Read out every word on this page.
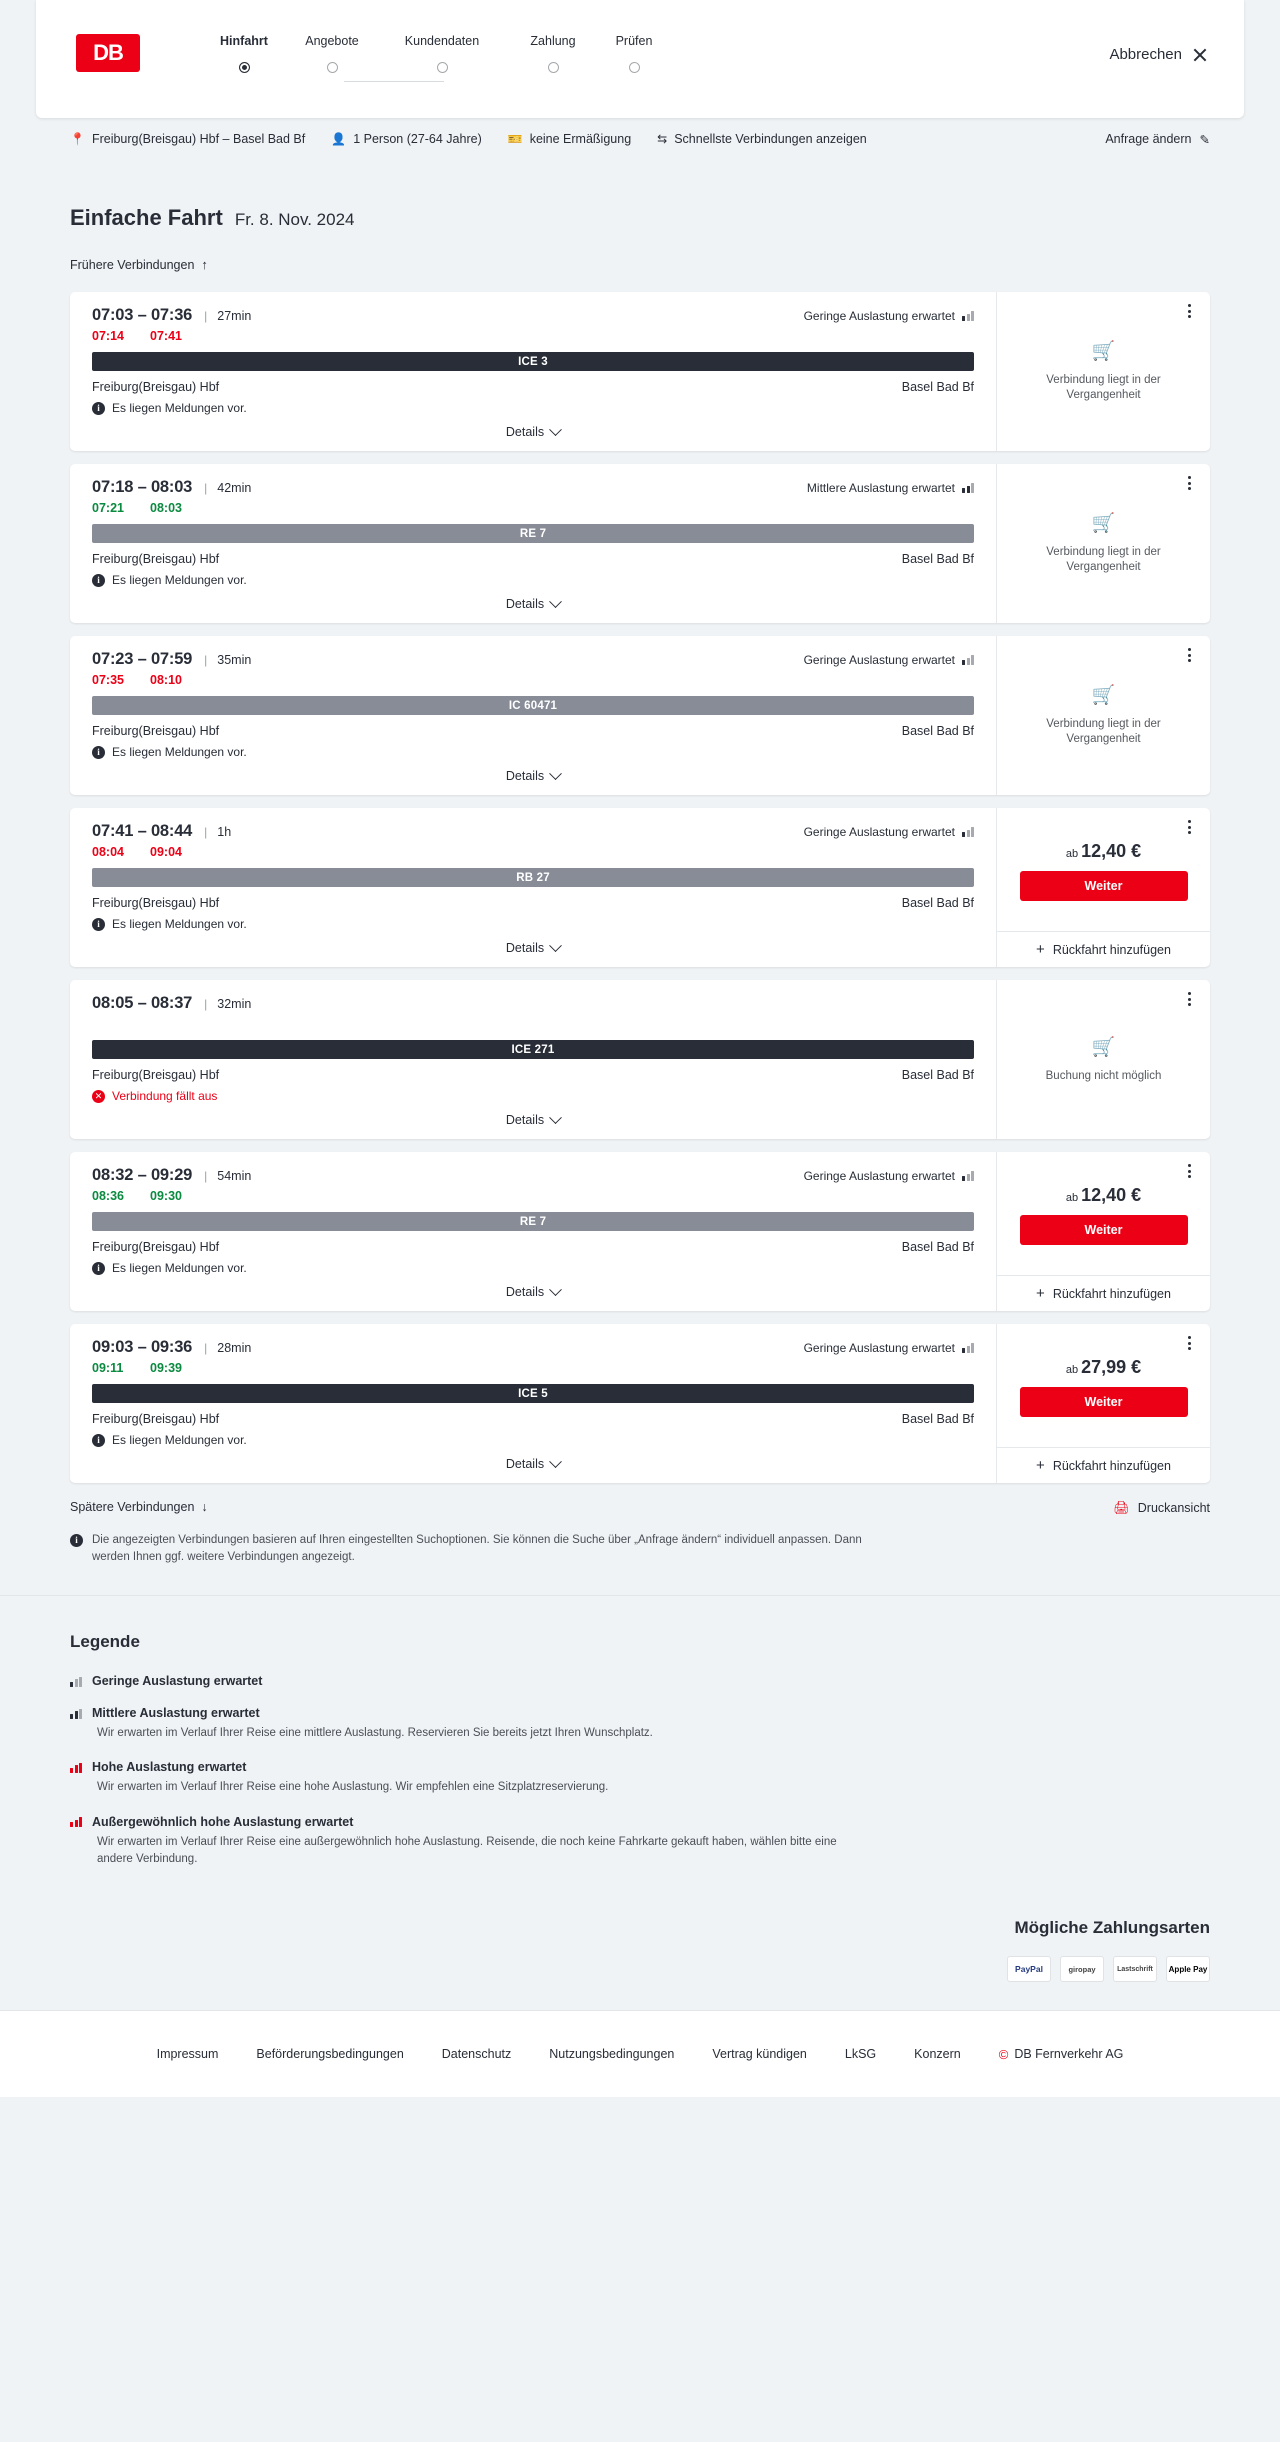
DB	Hinfahrt	Angebote	Kundendaten	Zahlung	Prüfen
Abbrechen
📍 Freiburg(Breisgau) Hbf – Basel Bad Bf 👤 1 Person (27-64 Jahre) 🎫 keine Ermäßigung ⇆ Schnellste Verbindungen anzeigen	Anfrage ändern ✎
Einfache Fahrt Fr. 8. Nov. 2024
Frühere Verbindungen ↑
07:03 – 07:36 | 27min	Geringe Auslastung erwartet
07:14 07:41
ICE 3
Freiburg(Breisgau) Hbf	Basel Bad Bf
i	Es liegen Meldungen vor.
Details
🛒
Verbindung liegt in der Vergangenheit
07:18 – 08:03 | 42min	Mittlere Auslastung erwartet
07:21 08:03
RE 7
Freiburg(Breisgau) Hbf	Basel Bad Bf
i	Es liegen Meldungen vor.
Details
🛒
Verbindung liegt in der Vergangenheit
07:23 – 07:59 | 35min	Geringe Auslastung erwartet
07:35 08:10
IC 60471
Freiburg(Breisgau) Hbf	Basel Bad Bf
i	Es liegen Meldungen vor.
Details
🛒
Verbindung liegt in der Vergangenheit
07:41 – 08:44 | 1h	Geringe Auslastung erwartet
08:04 09:04
RB 27
Freiburg(Breisgau) Hbf	Basel Bad Bf
i	Es liegen Meldungen vor.
Details
ab 12,40 €
Weiter
+ Rückfahrt hinzufügen
08:05 – 08:37 | 32min
ICE 271
Freiburg(Breisgau) Hbf	Basel Bad Bf
✕ Verbindung fällt aus
Details
🛒
Buchung nicht möglich
08:32 – 09:29 | 54min	Geringe Auslastung erwartet
08:36 09:30
RE 7
Freiburg(Breisgau) Hbf	Basel Bad Bf
i	Es liegen Meldungen vor.
Details
ab 12,40 €
Weiter
+ Rückfahrt hinzufügen
09:03 – 09:36 | 28min	Geringe Auslastung erwartet
09:11 09:39
ICE 5
Freiburg(Breisgau) Hbf	Basel Bad Bf
i	Es liegen Meldungen vor.
Details
ab 27,99 €
Weiter
+ Rückfahrt hinzufügen
Spätere Verbindungen ↓	🖨 Druckansicht
i	Die angezeigten Verbindungen basieren auf Ihren eingestellten Suchoptionen. Sie können die Suche über „Anfrage ändern“ individuell anpassen. Dann werden Ihnen ggf. weitere Verbindungen angezeigt.
Legende
Geringe Auslastung erwartet
Mittlere Auslastung erwartet
Wir erwarten im Verlauf Ihrer Reise eine mittlere Auslastung. Reservieren Sie bereits jetzt Ihren Wunschplatz.
Hohe Auslastung erwartet
Wir erwarten im Verlauf Ihrer Reise eine hohe Auslastung. Wir empfehlen eine Sitzplatzreservierung.
Außergewöhnlich hohe Auslastung erwartet
Wir erwarten im Verlauf Ihrer Reise eine außergewöhnlich hohe Auslastung. Reisende, die noch keine Fahrkarte gekauft haben, wählen bitte eine andere Verbindung.
Mögliche Zahlungsarten
PayPal	giropay	Lastschrift Apple Pay
Impressum	Beförderungsbedingungen	Datenschutz	Nutzungsbedingungen	Vertrag kündigen	LkSG	Konzern	© DB Fernverkehr AG
